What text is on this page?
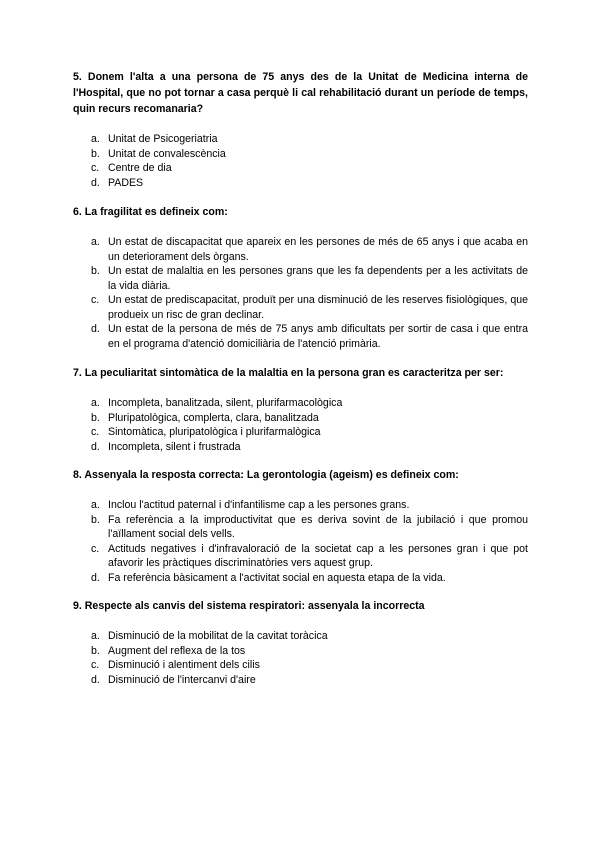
5. Donem l'alta a una persona de 75 anys des de la Unitat de Medicina interna de l'Hospital, que no pot tornar a casa perquè li cal rehabilitació durant un període de temps, quin recurs recomanaria?

a. Unitat de Psicogeriatria
b. Unitat de convalescència
c. Centre de dia
d. PADES

6. La fragilitat es defineix com:

a. Un estat de discapacitat que apareix en les persones de més de 65 anys i que acaba en un deteriorament dels òrgans.
b. Un estat de malaltia en les persones grans que les fa dependents per a les activitats de la vida diària.
c. Un estat de prediscapacitat, produït per una disminució de les reserves fisiològiques, que produeix un risc de gran declinar.
d. Un estat de la persona de més de 75 anys amb dificultats per sortir de casa i que entra en el programa d'atenció domiciliària de l'atenció primària.

7. La peculiaritat sintomàtica de la malaltia en la persona gran es caracteritza per ser:

a. Incompleta, banalitzada, silent, plurifarmacològica
b. Pluripatològica, complerta, clara, banalitzada
c. Sintomàtica, pluripatològica i plurifarmalògica
d. Incompleta, silent i frustrada

8. Assenyala la resposta correcta: La gerontologia (ageism) es defineix com:

a. Inclou l'actitud paternal i d'infantilisme cap a les persones grans.
b. Fa referència a la improductivitat que es deriva sovint de la jubilació i que promou l'aïllament social dels vells.
c. Actituds negatives i d'infravaloració de la societat cap a les persones gran i que pot afavorir les pràctiques discriminatòries vers aquest grup.
d. Fa referència bàsicament a l'activitat social en aquesta etapa de la vida.

9. Respecte als canvis del sistema respiratori: assenyala la incorrecta

a. Disminució de la mobilitat de la cavitat toràcica
b. Augment del reflexa de la tos
c. Disminució i alentiment dels cilis
d. Disminució de l'intercanvi d'aire
